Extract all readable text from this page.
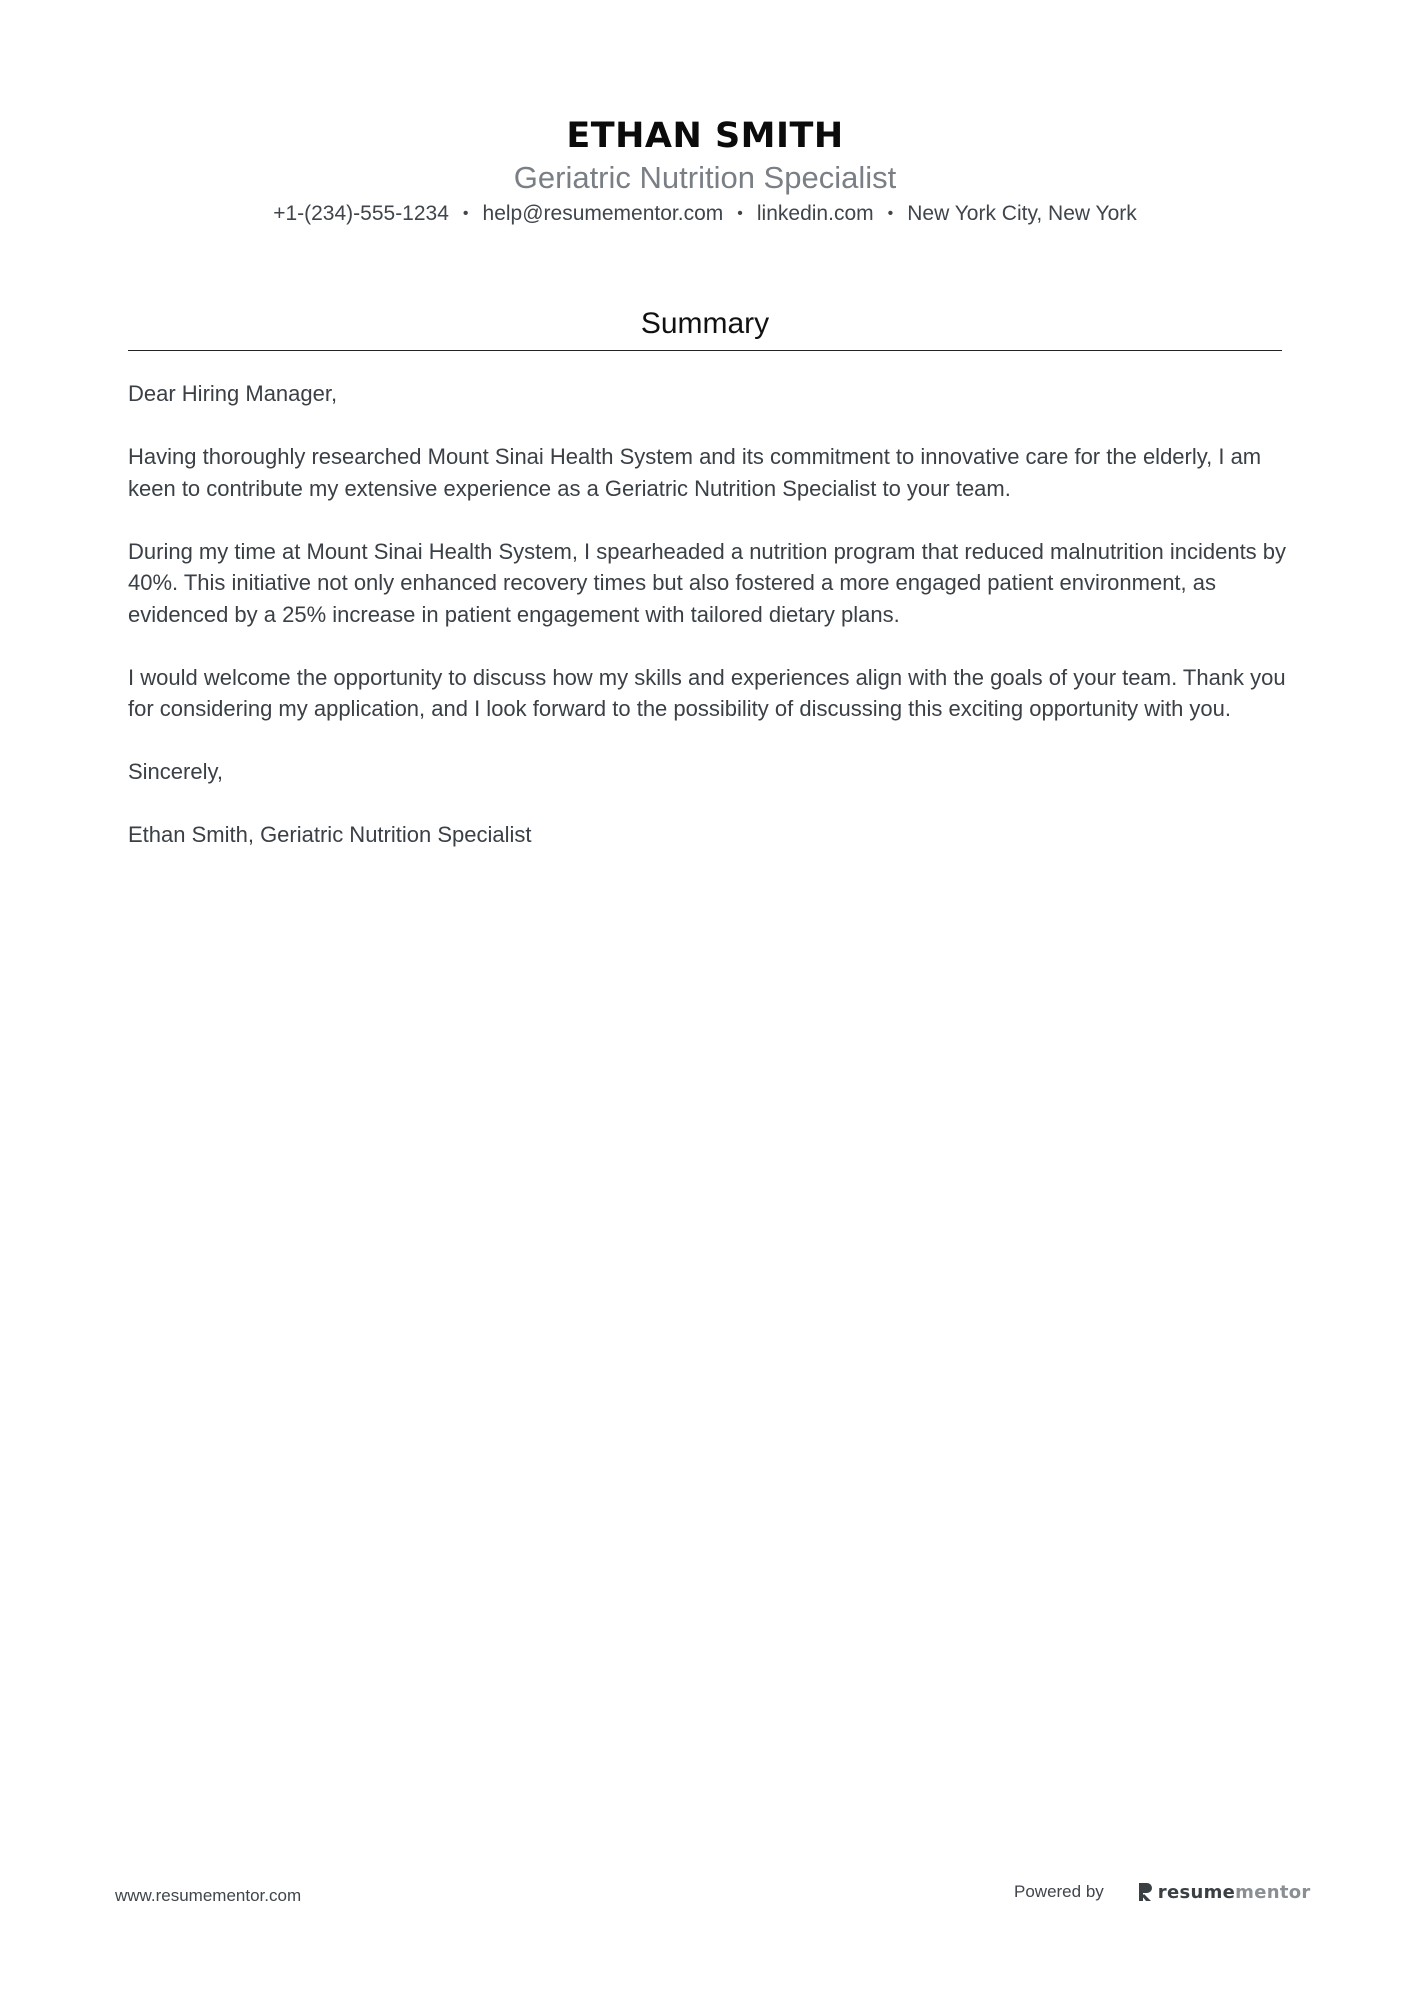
ETHAN SMITH
Geriatric Nutrition Specialist
+1-(234)-555-1234 • help@resumementor.com • linkedin.com • New York City, New York
Summary

Dear Hiring Manager,

Having thoroughly researched Mount Sinai Health System and its commitment to innovative care for the elderly, I am keen to contribute my extensive experience as a Geriatric Nutrition Specialist to your team.

During my time at Mount Sinai Health System, I spearheaded a nutrition program that reduced malnutrition incidents by 40%. This initiative not only enhanced recovery times but also fostered a more engaged patient environment, as evidenced by a 25% increase in patient engagement with tailored dietary plans.

I would welcome the opportunity to discuss how my skills and experiences align with the goals of your team. Thank you for considering my application, and I look forward to the possibility of discussing this exciting opportunity with you.

Sincerely,

Ethan Smith, Geriatric Nutrition Specialist

www.resumementor.com	Powered by	resumementor
